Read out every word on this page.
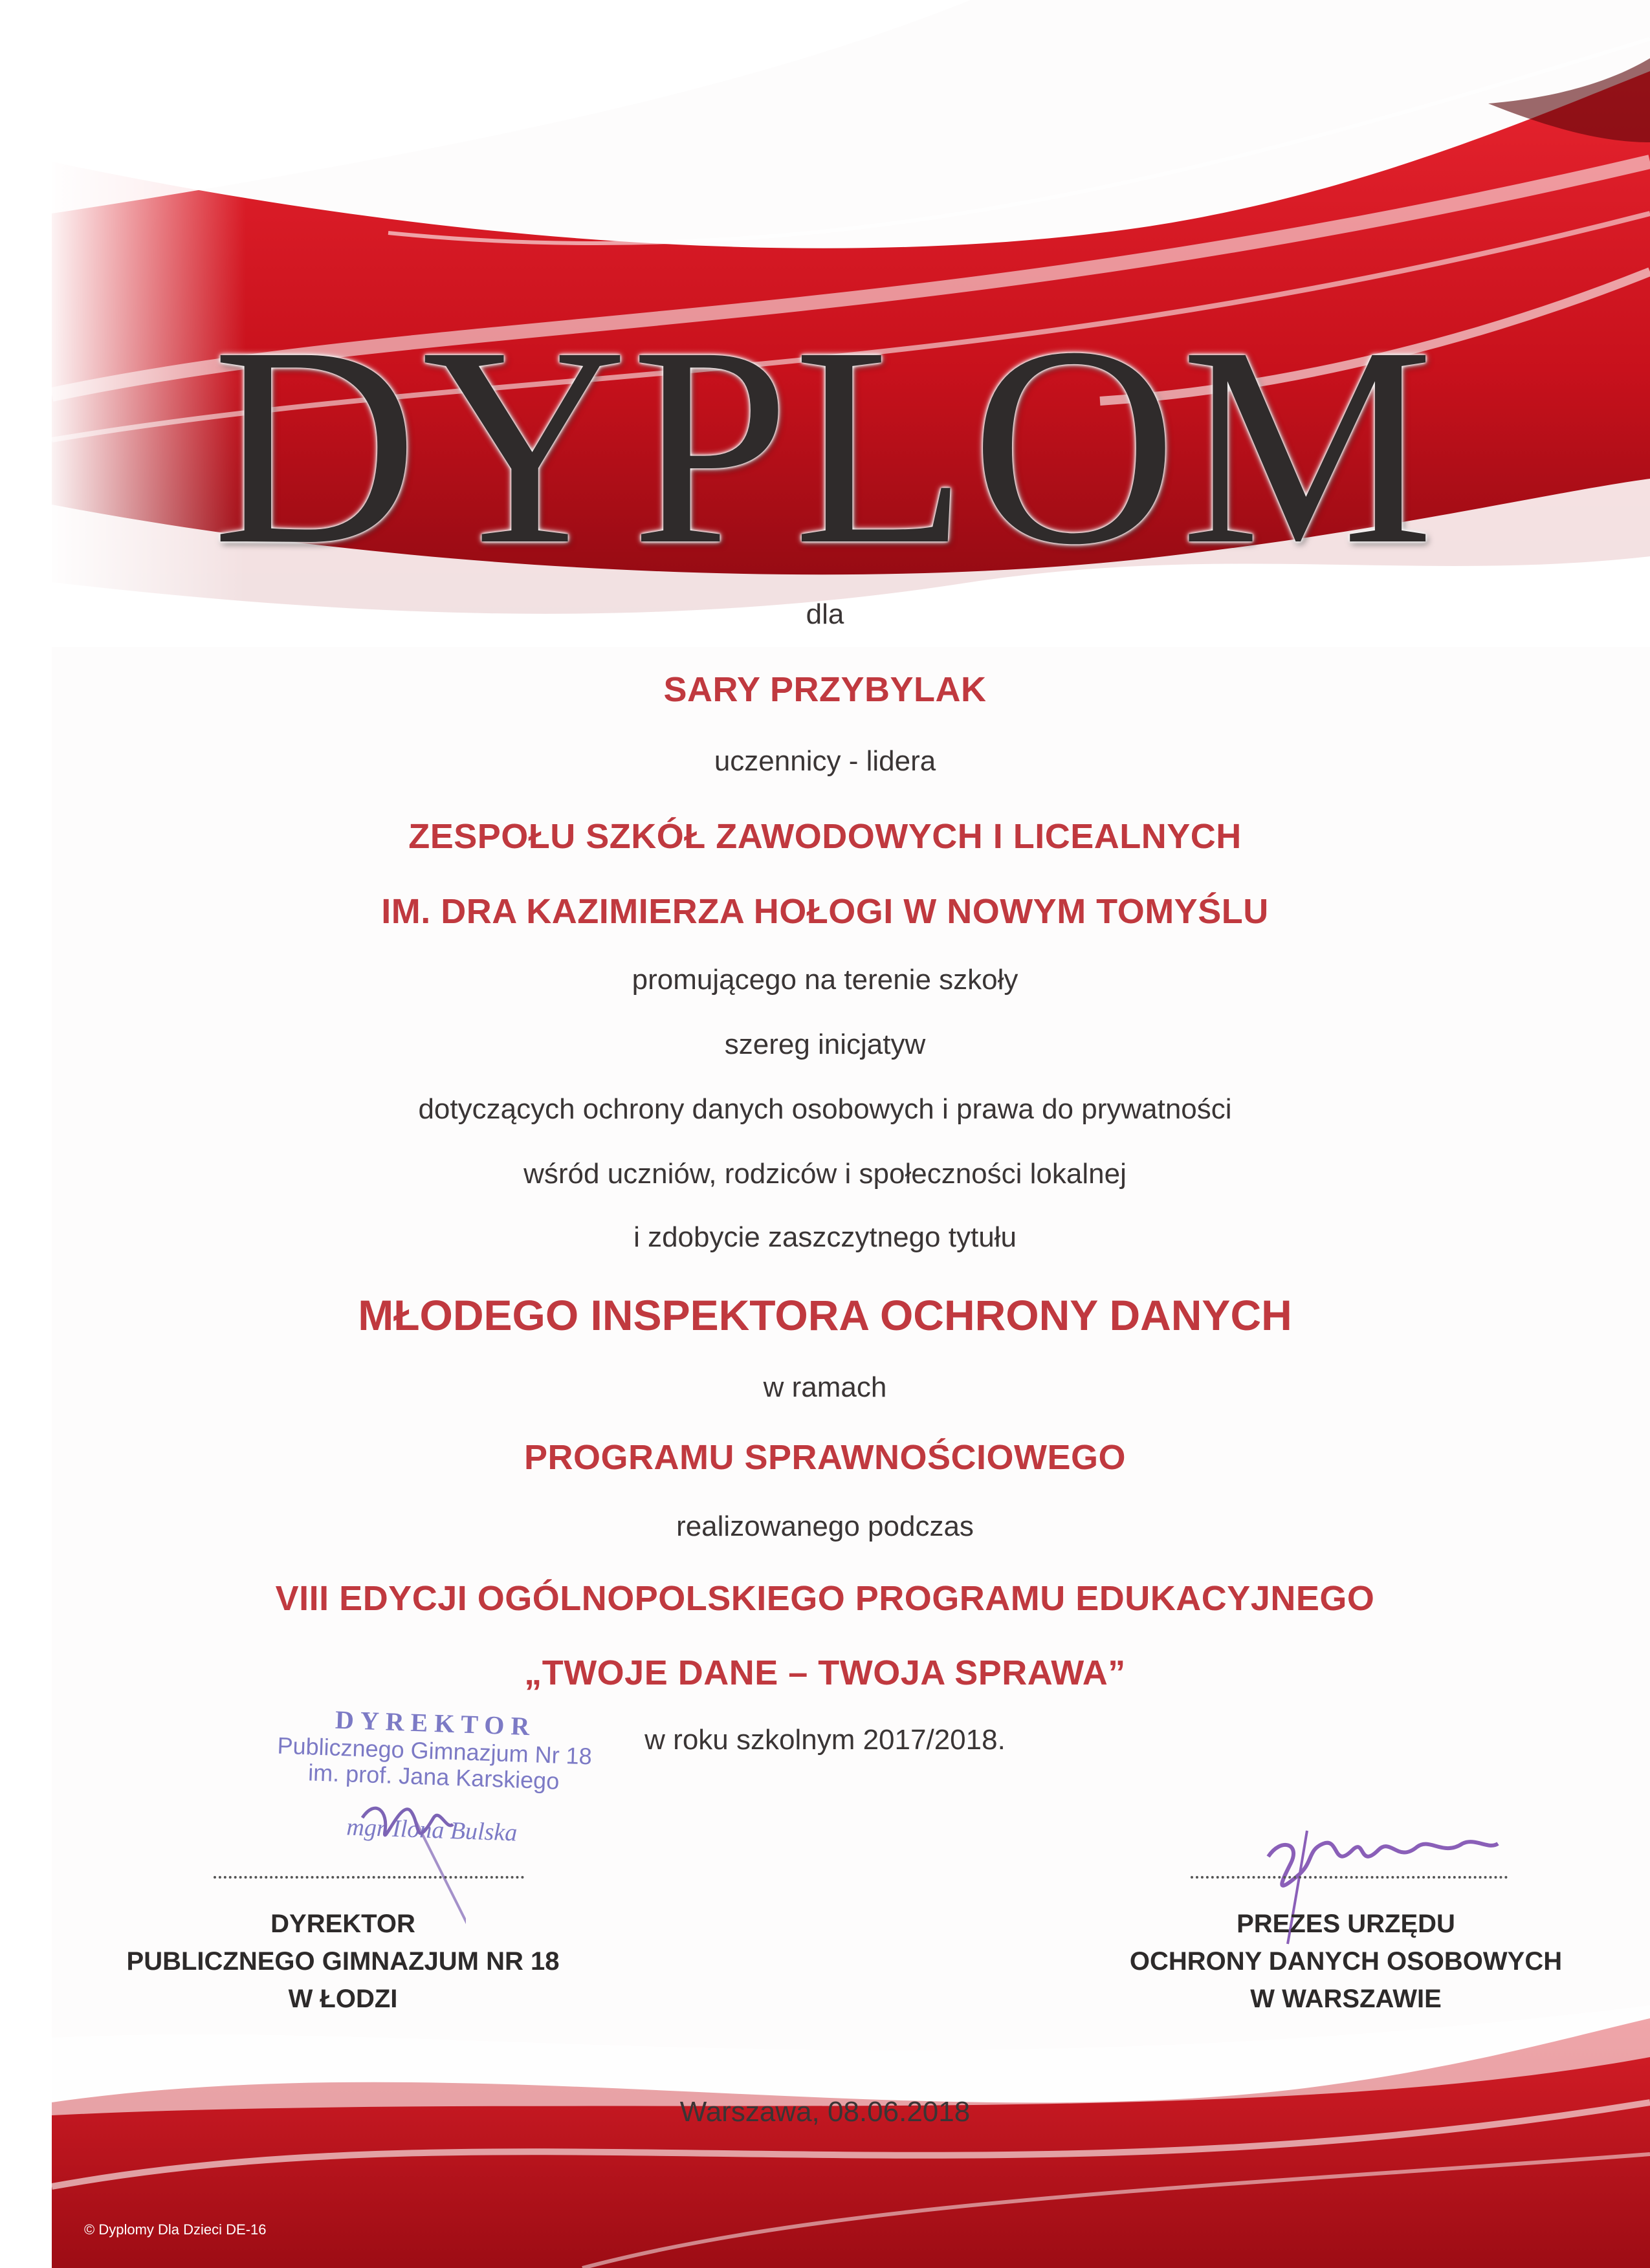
DYPLOM
dla
SARY PRZYBYLAK
uczennicy - lidera
ZESPOŁU SZKÓŁ ZAWODOWYCH I LICEALNYCH
IM. DRA KAZIMIERZA HOŁOGI W NOWYM TOMYŚLU
promującego na terenie szkoły
szereg inicjatyw
dotyczących ochrony danych osobowych i prawa do prywatności
wśród uczniów, rodziców i społeczności lokalnej
i zdobycie zaszczytnego tytułu
MŁODEGO INSPEKTORA OCHRONY DANYCH
w ramach
PROGRAMU SPRAWNOŚCIOWEGO
realizowanego podczas
VIII EDYCJI OGÓLNOPOLSKIEGO PROGRAMU EDUKACYJNEGO
„TWOJE DANE – TWOJA SPRAWA”
w roku szkolnym 2017/2018.
DYREKTOR
Publicznego Gimnazjum Nr 18
im. prof. Jana Karskiego
mgr Ilona Bulska
DYREKTOR
PUBLICZNEGO GIMNAZJUM NR 18
W ŁODZI
PREZES URZĘDU
OCHRONY DANYCH OSOBOWYCH
W WARSZAWIE
Warszawa, 08.06.2018
© Dyplomy Dla Dzieci DE-16
